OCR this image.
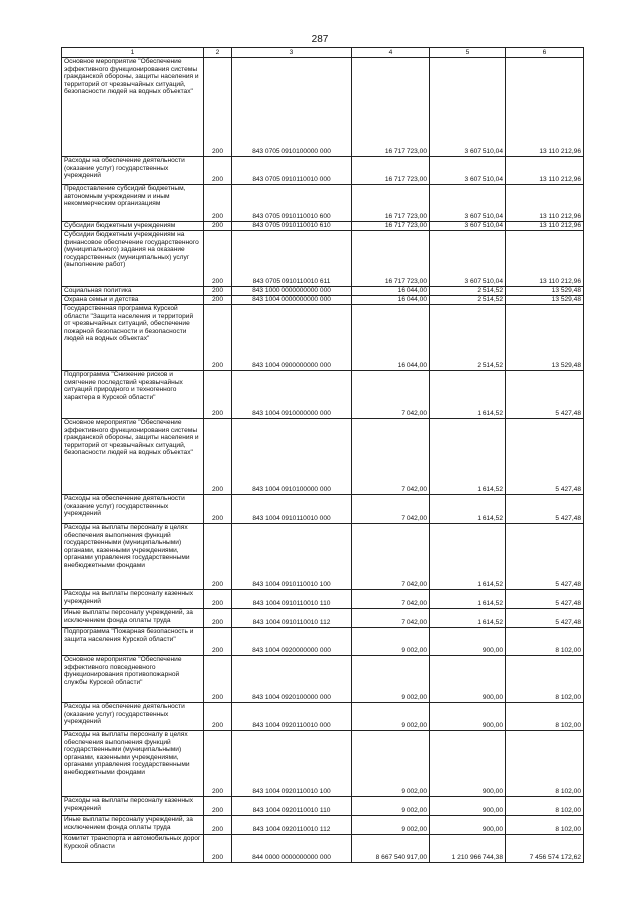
287
1	2	3	4	5	6
Основное мероприятие "Обеспечение эффективного функционирования системы гражданской обороны, защиты населения и территорий от чрезвычайных ситуаций, безопасности людей на водных объектах"	200	843 0705 0910100000 000	16 717 723,00	3 607 510,04	13 110 212,96
Расходы на обеспечение деятельности (оказание услуг) государственных учреждений	200	843 0705 0910110010 000	16 717 723,00	3 607 510,04	13 110 212,96
Предоставление субсидий бюджетным, автономным учреждениям и иным некоммерческим организациям	200	843 0705 0910110010 600	16 717 723,00	3 607 510,04	13 110 212,96
Субсидии бюджетным учреждениям	200	843 0705 0910110010 610	16 717 723,00	3 607 510,04	13 110 212,96
Субсидии бюджетным учреждениям на финансовое обеспечение государственного (муниципального) задания на оказание государственных (муниципальных) услуг (выполнение работ)	200	843 0705 0910110010 611	16 717 723,00	3 607 510,04	13 110 212,96
Социальная политика	200	843 1000 0000000000 000	16 044,00	2 514,52	13 529,48
Охрана семьи и детства	200	843 1004 0000000000 000	16 044,00	2 514,52	13 529,48
Государственная программа Курской области "Защита населения и территорий от чрезвычайных ситуаций, обеспечение пожарной безопасности и безопасности людей на водных объектах"	200	843 1004 0900000000 000	16 044,00	2 514,52	13 529,48
Подпрограмма "Снижение рисков и смягчение последствий чрезвычайных ситуаций природного и техногенного характера в Курской области"	200	843 1004 0910000000 000	7 042,00	1 614,52	5 427,48
Основное мероприятие "Обеспечение эффективного функционирования системы гражданской обороны, защиты населения и территорий от чрезвычайных ситуаций, безопасности людей на водных объектах"	200	843 1004 0910100000 000	7 042,00	1 614,52	5 427,48
Расходы на обеспечение деятельности (оказание услуг) государственных учреждений	200	843 1004 0910110010 000	7 042,00	1 614,52	5 427,48
Расходы на выплаты персоналу в целях обеспечения выполнения функций государственными (муниципальными) органами, казенными учреждениями, органами управления государственными внебюджетными фондами	200	843 1004 0910110010 100	7 042,00	1 614,52	5 427,48
Расходы на выплаты персоналу казенных учреждений	200	843 1004 0910110010 110	7 042,00	1 614,52	5 427,48
Иные выплаты персоналу учреждений, за исключением фонда оплаты труда	200	843 1004 0910110010 112	7 042,00	1 614,52	5 427,48
Подпрограмма "Пожарная безопасность и защита населения Курской области"	200	843 1004 0920000000 000	9 002,00	900,00	8 102,00
Основное мероприятие "Обеспечение эффективного повседневного функционирования противопожарной службы Курской области"	200	843 1004 0920100000 000	9 002,00	900,00	8 102,00
Расходы на обеспечение деятельности (оказание услуг) государственных учреждений	200	843 1004 0920110010 000	9 002,00	900,00	8 102,00
Расходы на выплаты персоналу в целях обеспечения выполнения функций государственными (муниципальными) органами, казенными учреждениями, органами управления государственными внебюджетными фондами	200	843 1004 0920110010 100	9 002,00	900,00	8 102,00
Расходы на выплаты персоналу казенных учреждений	200	843 1004 0920110010 110	9 002,00	900,00	8 102,00
Иные выплаты персоналу учреждений, за исключением фонда оплаты труда	200	843 1004 0920110010 112	9 002,00	900,00	8 102,00
Комитет транспорта и автомобильных дорог Курской области	200	844 0000 0000000000 000	8 667 540 917,00	1 210 966 744,38	7 456 574 172,62
